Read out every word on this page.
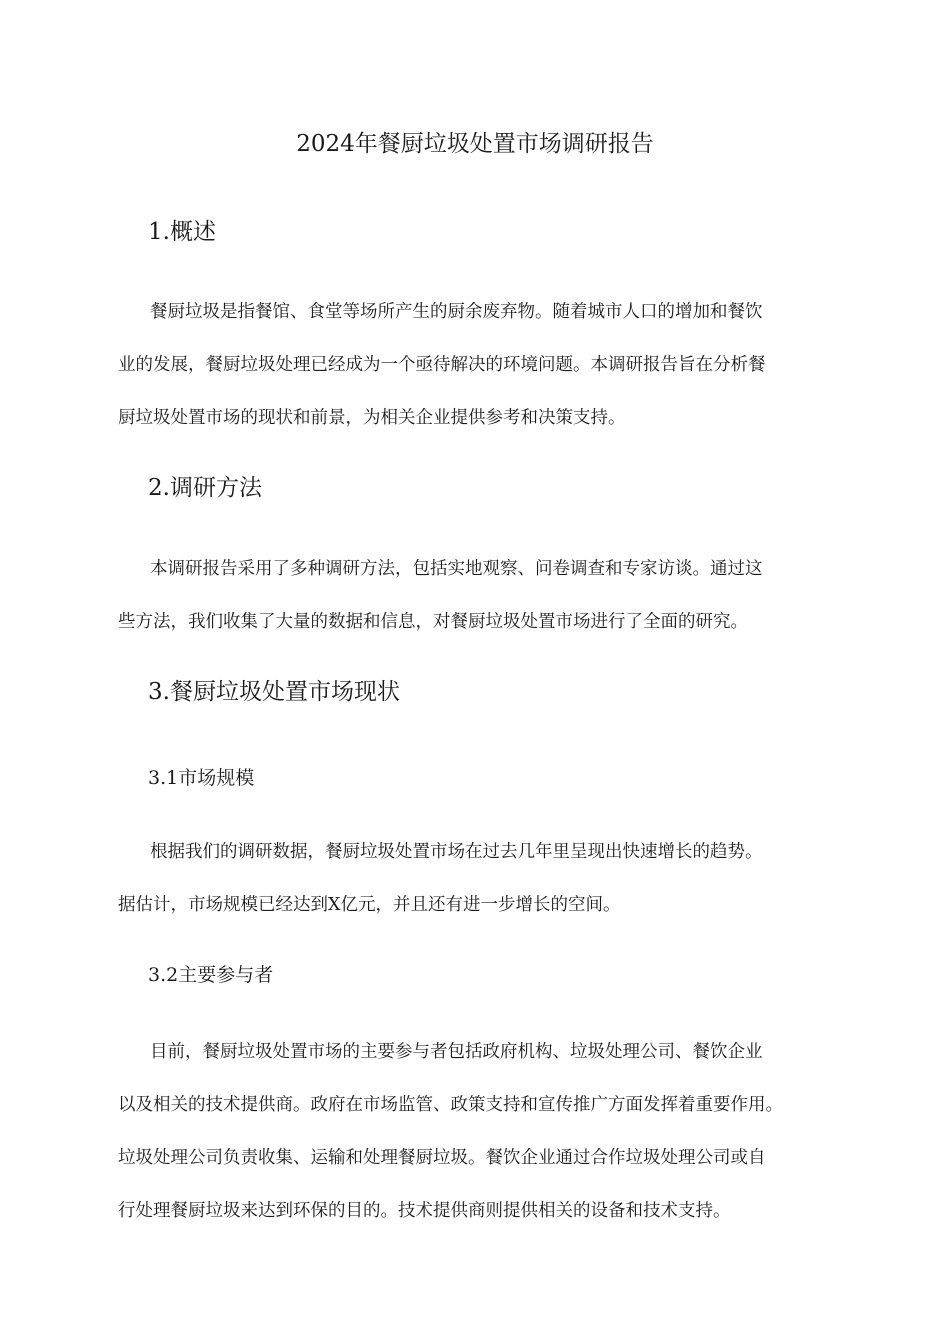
2024年餐厨垃圾处置市场调研报告
1.概述
餐厨垃圾是指餐馆、食堂等场所产生的厨余废弃物。随着城市人口的增加和餐饮
业的发展，餐厨垃圾处理已经成为一个亟待解决的环境问题。本调研报告旨在分析餐
厨垃圾处置市场的现状和前景，为相关企业提供参考和决策支持。
2.调研方法
本调研报告采用了多种调研方法，包括实地观察、问卷调查和专家访谈。通过这
些方法，我们收集了大量的数据和信息，对餐厨垃圾处置市场进行了全面的研究。
3.餐厨垃圾处置市场现状
3.1市场规模
根据我们的调研数据，餐厨垃圾处置市场在过去几年里呈现出快速增长的趋势。
据估计，市场规模已经达到X亿元，并且还有进一步增长的空间。
3.2主要参与者
目前，餐厨垃圾处置市场的主要参与者包括政府机构、垃圾处理公司、餐饮企业
以及相关的技术提供商。政府在市场监管、政策支持和宣传推广方面发挥着重要作用。
垃圾处理公司负责收集、运输和处理餐厨垃圾。餐饮企业通过合作垃圾处理公司或自
行处理餐厨垃圾来达到环保的目的。技术提供商则提供相关的设备和技术支持。
